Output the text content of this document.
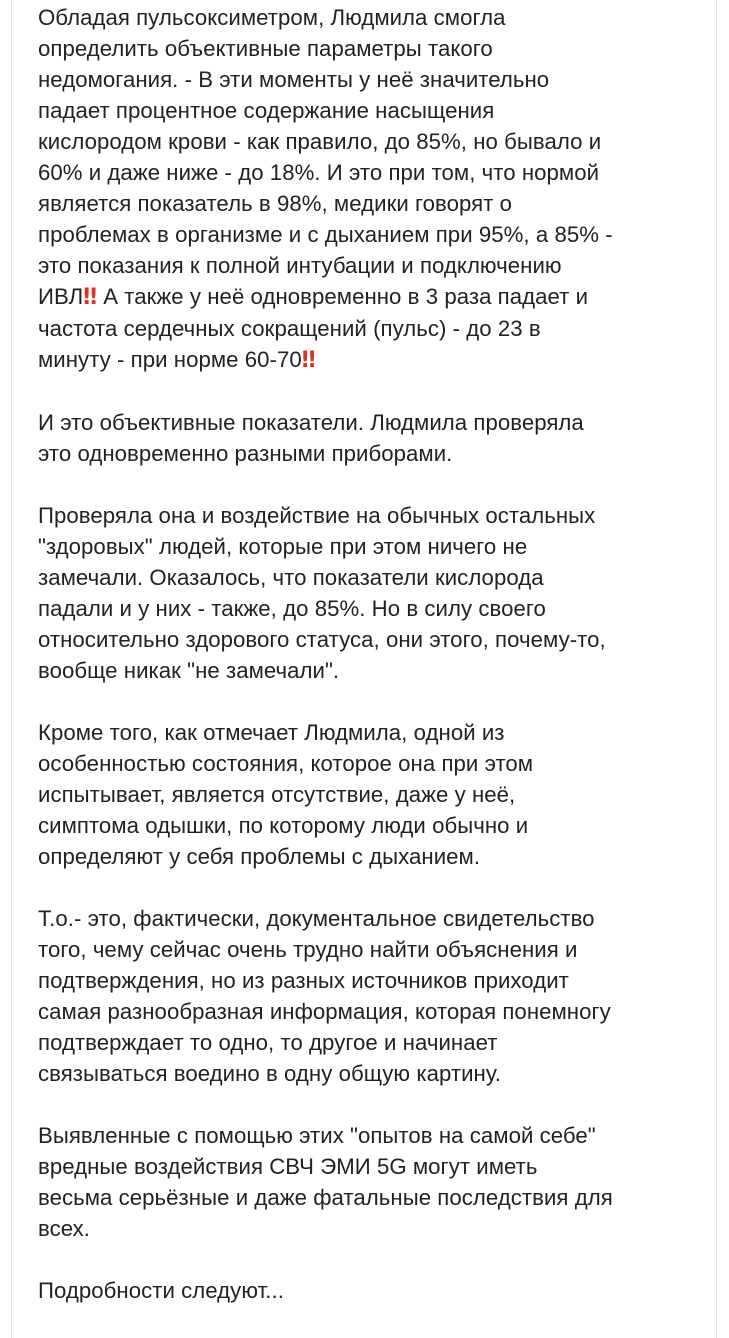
Обладая пульсоксиметром, Людмила смогла
определить объективные параметры такого
недомогания. - В эти моменты у неё значительно
падает процентное содержание насыщения
кислородом крови - как правило, до 85%, но бывало и
60% и даже ниже - до 18%. И это при том, что нормой
является показатель в 98%, медики говорят о
проблемах в организме и с дыханием при 95%, а 85% -
это показания к полной интубации и подключению
ИВЛ‼ А также у неё одновременно в 3 раза падает и
частота сердечных сокращений (пульс) - до 23 в
минуту - при норме 60-70‼

И это объективные показатели. Людмила проверяла
это одновременно разными приборами.

Проверяла она и воздействие на обычных остальных
"здоровых" людей, которые при этом ничего не
замечали. Оказалось, что показатели кислорода
падали и у них - также, до 85%. Но в силу своего
относительно здорового статуса, они этого, почему-то,
вообще никак "не замечали".

Кроме того, как отмечает Людмила, одной из
особенностью состояния, которое она при этом
испытывает, является отсутствие, даже у неё,
симптома одышки, по которому люди обычно и
определяют у себя проблемы с дыханием.

Т.о.- это, фактически, документальное свидетельство
того, чему сейчас очень трудно найти объяснения и
подтверждения, но из разных источников приходит
самая разнообразная информация, которая понемногу
подтверждает то одно, то другое и начинает
связываться воедино в одну общую картину.

Выявленные с помощью этих "опытов на самой себе"
вредные воздействия СВЧ ЭМИ 5G могут иметь
весьма серьёзные и даже фатальные последствия для
всех.

Подробности следуют...
